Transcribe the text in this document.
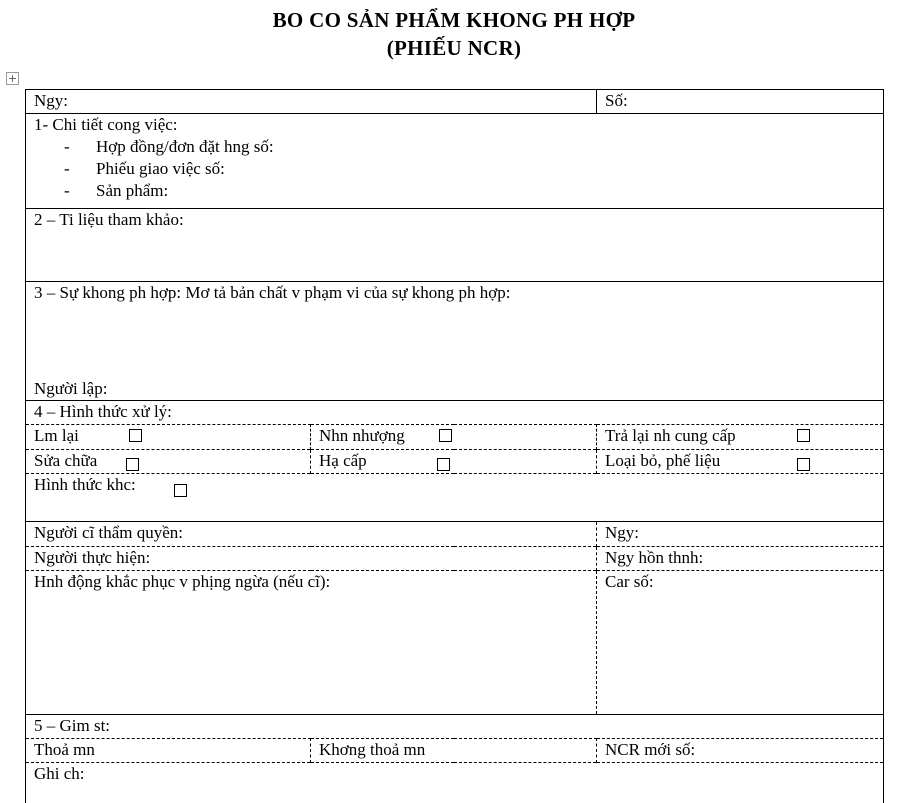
BO CO SẢN PHẨM KHONG PH HỢP
(PHIẾU NCR)
+
Ngy:		Số:

1- Chi tiết cong việc:
- Hợp đồng/đơn đặt hng số:
- Phiếu giao việc số:
- Sản phẩm:		

2 – Ti liệu tham khảo:		

3 – Sự khong ph hợp: Mơ tả bản chất v phạm vi của sự khong ph hợp:
Người lập:		

4 – Hình thức xử lý:		
Lm lại	Nhn nhượng	Trả lại nh cung cấp
Sửa chữa	Hạ cấp	Loại bỏ, phế liệu
Hình thức khc:		
Người cĩ thẩm quyền:		Ngy:
Người thực hiện:		Ngy hồn thnh:
Hnh động khắc phục v phịng ngừa (nếu cĩ):		Car số:
5 – Gim st:		
Thoả mn	Khơng thoả mn	NCR mới số:
Ghi ch:		
